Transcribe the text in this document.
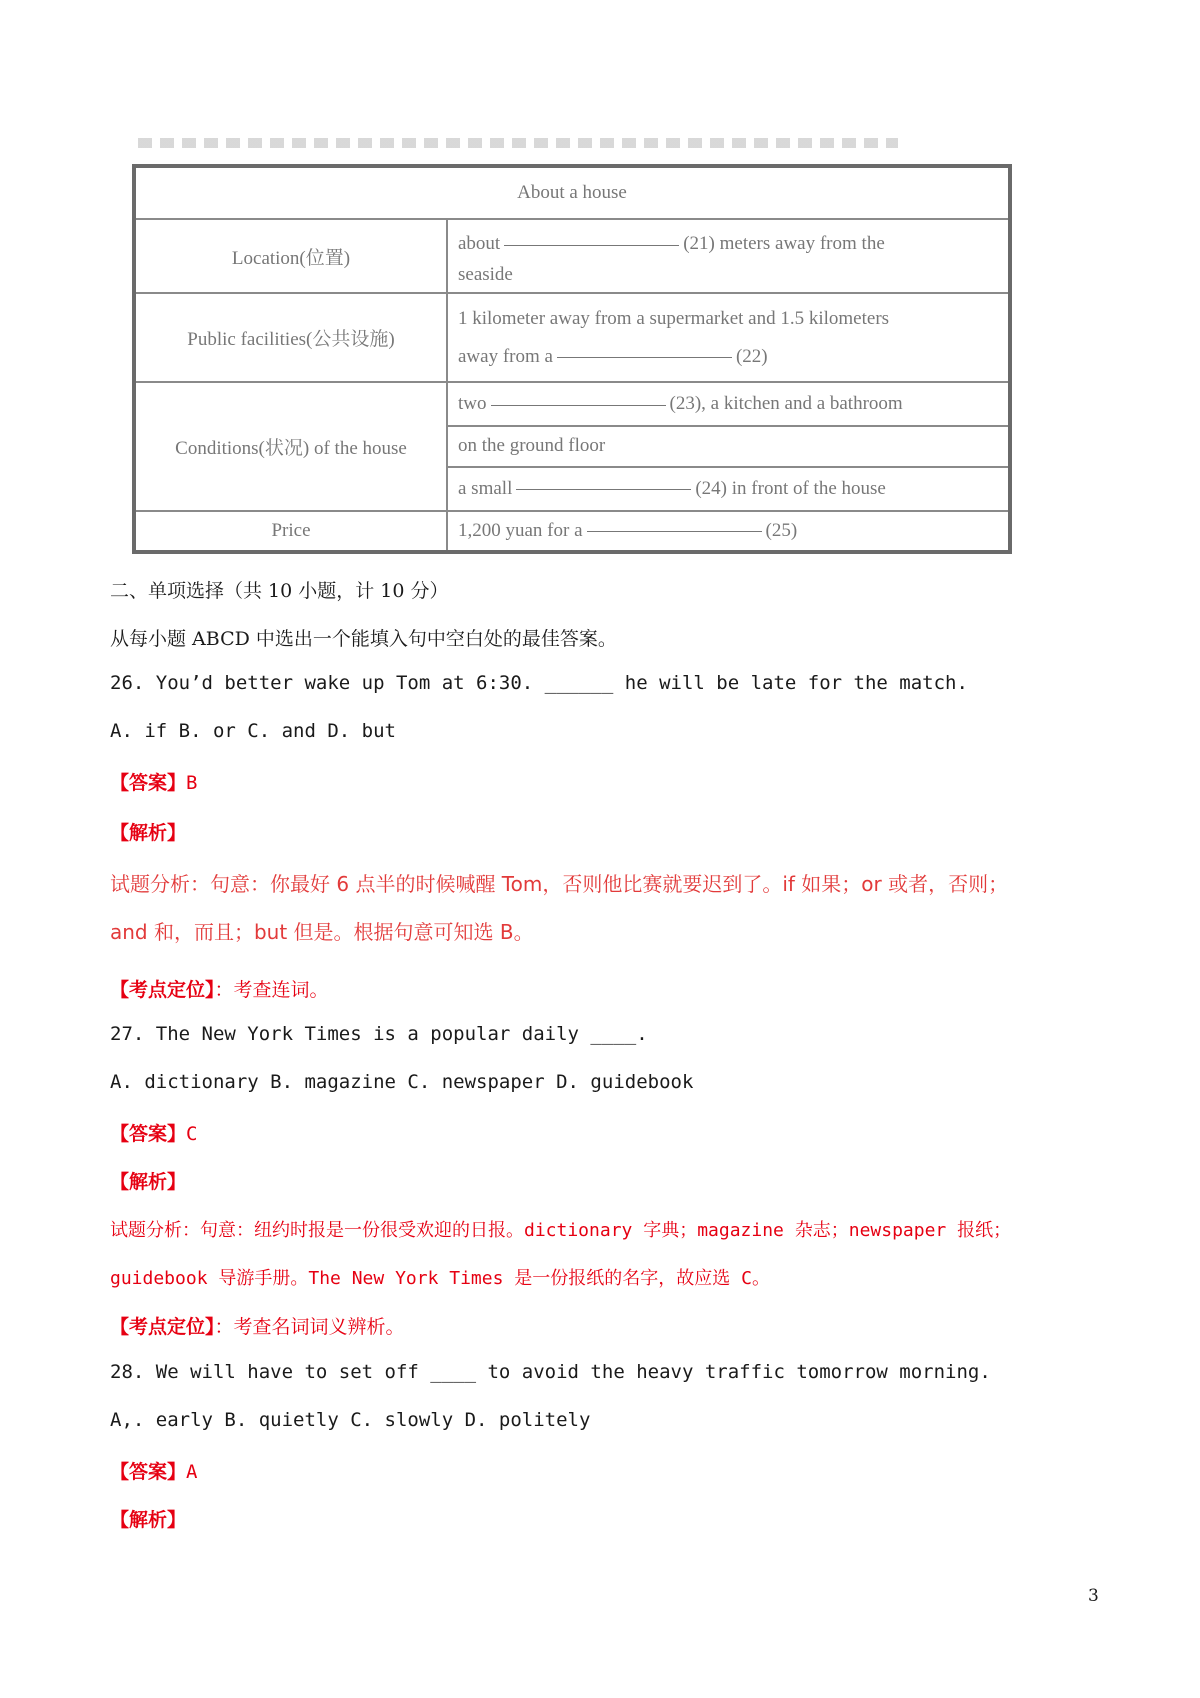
About a house	
Location(位置)	about (21) meters away from the
seaside

Public facilities(公共设施)	1 kilometer away from a supermarket and 1.5 kilometers
away from a (22)

Conditions(状况) of the house	two (23), a kitchen and a bathroom
	on the ground floor
	a small (24) in front of the house
Price	1,200 yuan for a (25)
二、单项选择（共 10 小题，计 10 分）
从每小题 ABCD 中选出一个能填入句中空白处的最佳答案。
26. You’d better wake up Tom at 6:30. ______ he will be late for the match.
A. if B. or C. and D. but
【答案】B
【解析】
试题分析：句意：你最好 6 点半的时候喊醒 Tom，否则他比赛就要迟到了。if 如果；or 或者，否则；
and 和，而且；but 但是。根据句意可知选 B。
【考点定位】：考查连词。
27. The New York Times is a popular daily ____.
A. dictionary B. magazine C. newspaper D. guidebook
【答案】C
【解析】
试题分析：句意：纽约时报是一份很受欢迎的日报。dictionary 字典；magazine 杂志；newspaper 报纸；
guidebook 导游手册。The New York Times 是一份报纸的名字，故应选 C。
【考点定位】：考查名词词义辨析。
28. We will have to set off ____ to avoid the heavy traffic tomorrow morning.
A,. early B. quietly C. slowly D. politely
【答案】A
【解析】
3
